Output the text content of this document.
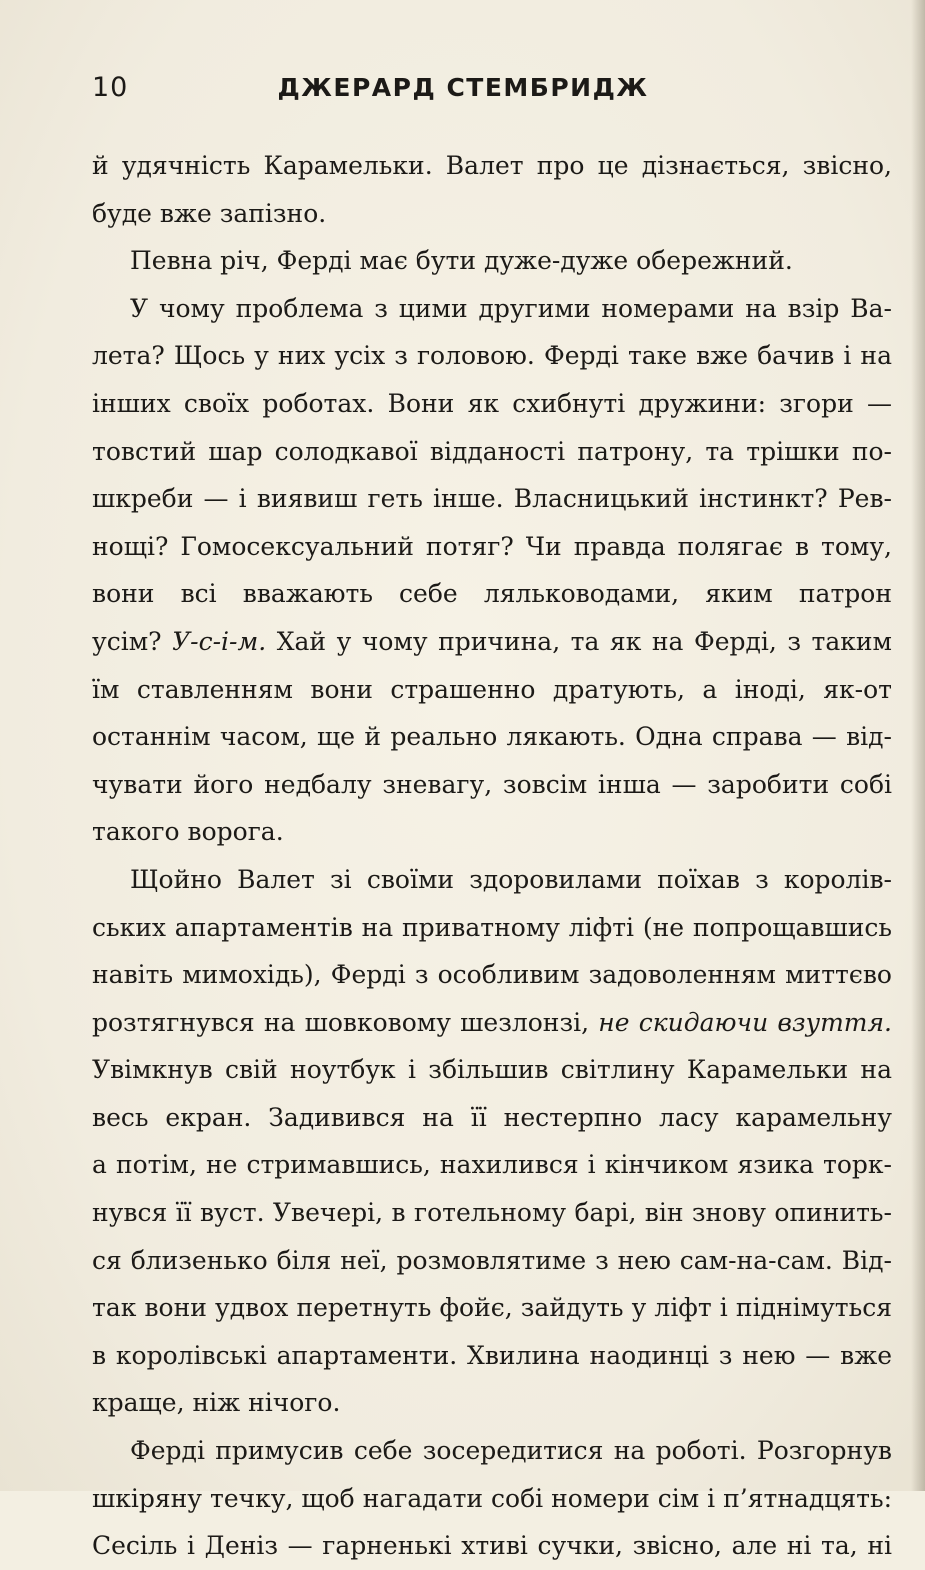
10	ДЖЕРАРД СТЕМБРИДЖ
й удячність Карамельки. Валет про це дізнається, звісно,
буде вже запізно.
Певна річ, Ферді має бути дуже-дуже обережний.
У чому проблема з цими другими номерами на взір Ва-
лета? Щось у них усіх з головою. Ферді таке вже бачив і на
інших своїх роботах. Вони як схибнуті дружини: згори —
товстий шар солодкавої відданості патрону, та трішки по-
шкреби — і виявиш геть інше. Власницький інстинкт? Рев-
нощі? Гомосексуальний потяг? Чи правда полягає в тому,
вони всі вважають себе ляльководами, яким патрон
усім? У-с-і-м. Хай у чому причина, та як на Ферді, з таким
їм ставленням вони страшенно дратують, а іноді, як-от
останнім часом, ще й реально лякають. Одна справа — від-
чувати його недбалу зневагу, зовсім інша — заробити собі
такого ворога.
Щойно Валет зі своїми здоровилами поїхав з королів-
ських апартаментів на приватному ліфті (не попрощавшись
навіть мимохідь), Ферді з особливим задоволенням миттєво
розтягнувся на шовковому шезлонзі, не скидаючи взуття.
Увімкнув свій ноутбук і збільшив світлину Карамельки на
весь екран. Задивився на її нестерпно ласу карамельну
а потім, не стримавшись, нахилився і кінчиком язика торк-
нувся її вуст. Увечері, в готельному барі, він знову опинить-
ся близенько біля неї, розмовлятиме з нею сам-на-сам. Від-
так вони удвох перетнуть фойє, зайдуть у ліфт і піднімуться
в королівські апартаменти. Хвилина наодинці з нею — вже
краще, ніж нічого.
Ферді примусив себе зосередитися на роботі. Розгорнув
шкіряну течку, щоб нагадати собі номери сім і п’ятнадцять:
Сесіль і Деніз — гарненькі хтиві сучки, звісно, але ні та, ні
